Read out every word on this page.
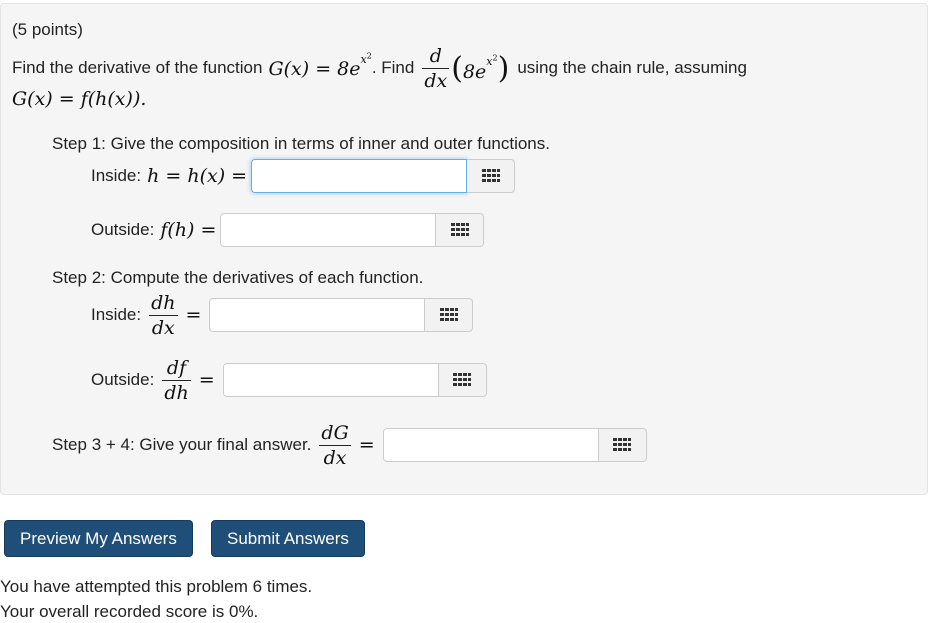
(5 points)
Find the derivative of the function $G(x) = 8e^{x^2}$
. Find $\frac{d}{dx} (8e^{x^2})$ using the chain rule, assuming
G(x) = f(h(x)).
Step 1: Give the composition in terms of inner and outer functions.
Inside: h = h(x) =
Outside: f(h) =
Step 2: Compute the derivatives of each function.
Inside: $\frac{dh}{dx}$ =
Outside: $\frac{df}{dh}$ =
Step 3 + 4: Give your final answer. $\frac{dG}{dx}$ =
Preview My Answers	Submit Answers
You have attempted this problem 6 times.
Your overall recorded score is 0%.
